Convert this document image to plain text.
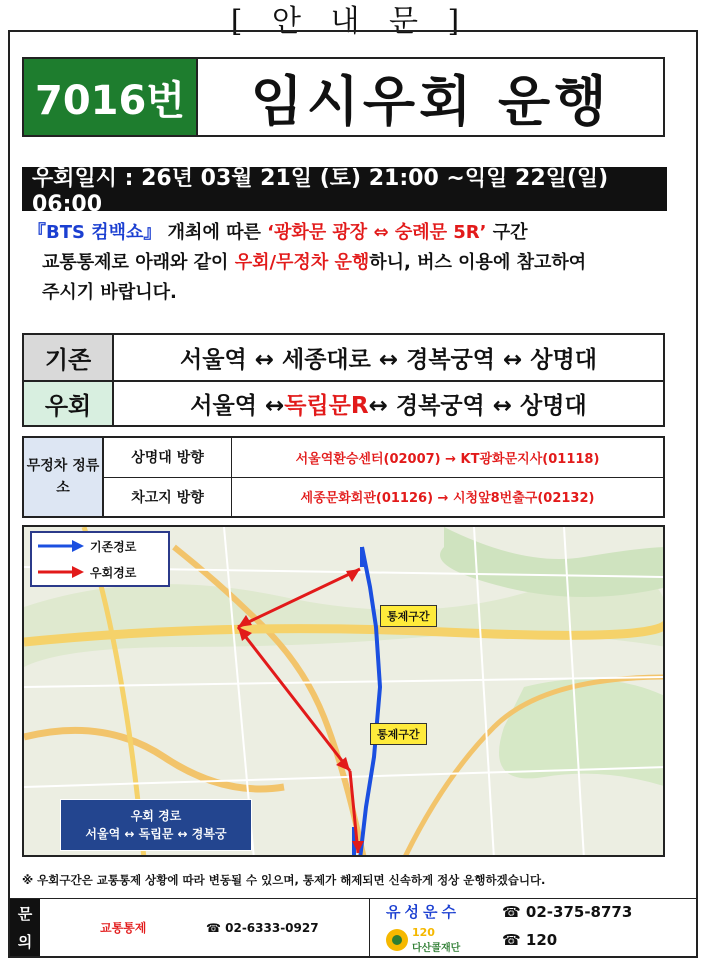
[ 안 내 문 ]
7016번	임시우회 운행
우회일시 : 26년 03월 21일 (토) 21:00 ~익일 22일(일) 06:00
『BTS 컴백쇼』 개최에 따른 ‘광화문 광장 ⇔ 숭례문 5R’ 구간
교통통제로 아래와 같이 우회/무정차 운행하니, 버스 이용에 참고하여
주시기 바랍니다.
기존	서울역 ↔ 세종대로 ↔ 경복궁역 ↔ 상명대
우회	서울역 ↔ 독립문R ↔ 경복궁역 ↔ 상명대
무정차 정류소
상명대 방향	서울역환승센터(02007) → KT광화문지사(01118)
차고지 방향	세종문화회관(01126) → 시청앞8번출구(02132)
기존경로
우회경로
통제구간
통제구간
우회 경로
서울역 ↔ 독립문 ↔ 경복궁
※ 우회구간은 교통통제 상황에 따라 변동될 수 있으며, 통제가 해제되면 신속하게 정상 운행하겠습니다.
문
의
교통통제	☎ 02-6333-0927
유성운수	☎ 02-375-8773
120
다산콜재단	☎ 120
